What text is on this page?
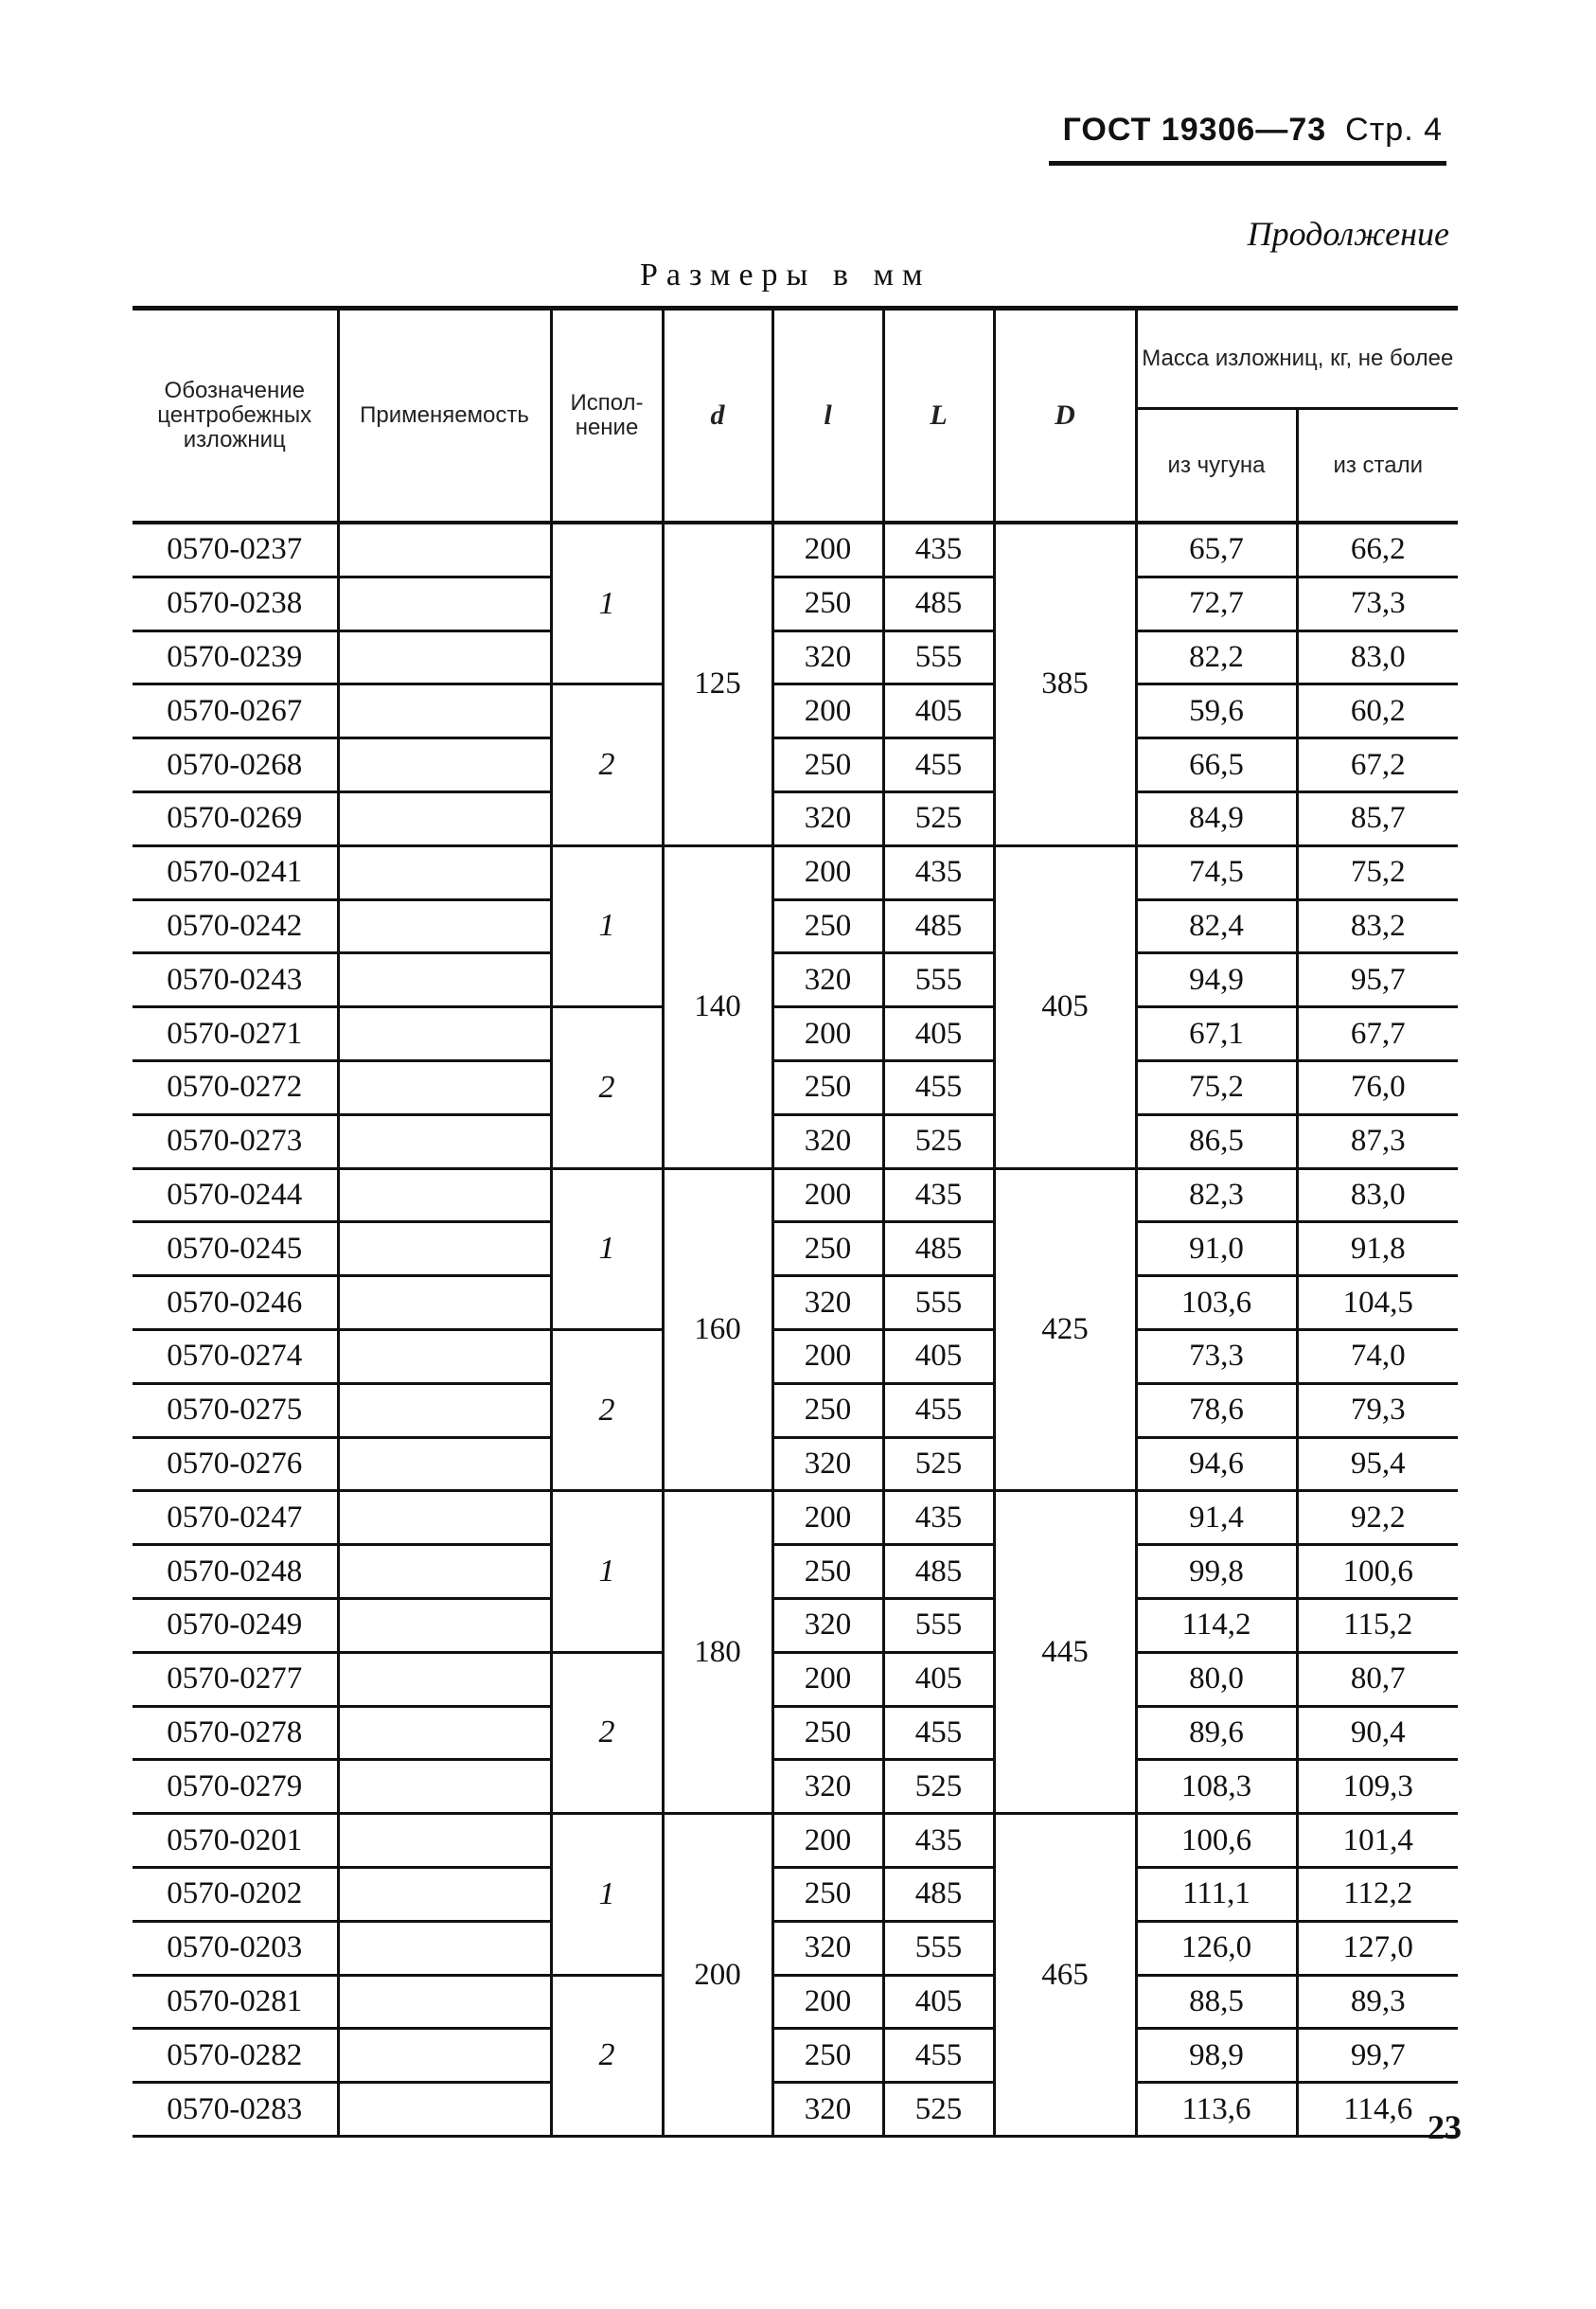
ГОСТ 19306—73 Стр. 4
Продолжение
Размеры в мм
Обозначение центробежных изложниц	Применяемость	Испол-нение	d	l	L	D	Масса изложниц, кг, не более	
							из чугуна	из стали
0570-0237		1	125	200	435	385	65,7	66,2
0570-0238				250	485		72,7	73,3
0570-0239				320	555		82,2	83,0
0570-0267		2		200	405		59,6	60,2
0570-0268				250	455		66,5	67,2
0570-0269				320	525		84,9	85,7
0570-0241		1	140	200	435	405	74,5	75,2
0570-0242				250	485		82,4	83,2
0570-0243				320	555		94,9	95,7
0570-0271		2		200	405		67,1	67,7
0570-0272				250	455		75,2	76,0
0570-0273				320	525		86,5	87,3
0570-0244		1	160	200	435	425	82,3	83,0
0570-0245				250	485		91,0	91,8
0570-0246				320	555		103,6	104,5
0570-0274		2		200	405		73,3	74,0
0570-0275				250	455		78,6	79,3
0570-0276				320	525		94,6	95,4
0570-0247		1	180	200	435	445	91,4	92,2
0570-0248				250	485		99,8	100,6
0570-0249				320	555		114,2	115,2
0570-0277		2		200	405		80,0	80,7
0570-0278				250	455		89,6	90,4
0570-0279				320	525		108,3	109,3
0570-0201		1	200	200	435	465	100,6	101,4
0570-0202				250	485		111,1	112,2
0570-0203				320	555		126,0	127,0
0570-0281		2		200	405		88,5	89,3
0570-0282				250	455		98,9	99,7
0570-0283				320	525		113,6	114,6 23
